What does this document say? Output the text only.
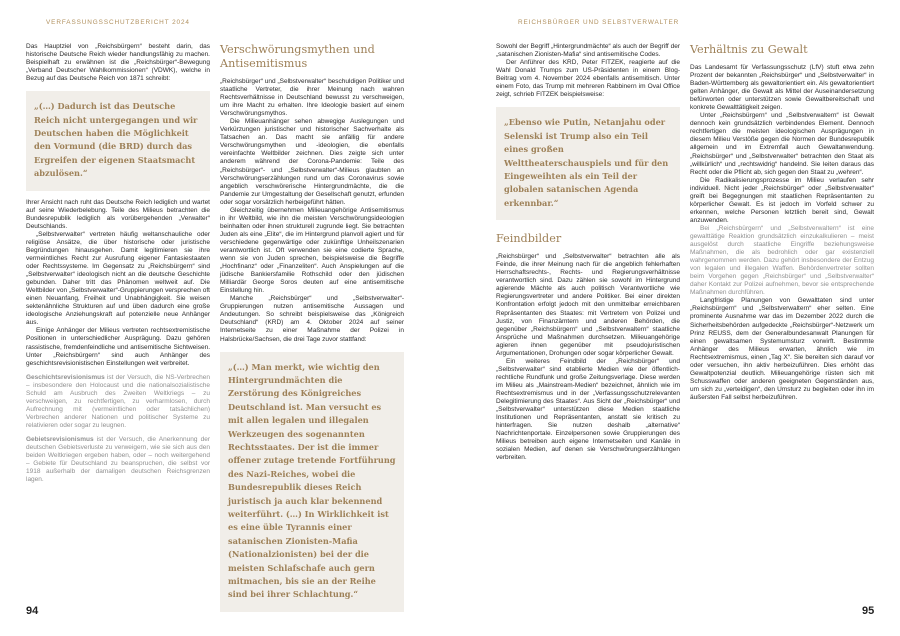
VERFASSUNGSSCHUTZBERICHT 2024

Das Hauptziel von „Reichsbürgern“ besteht darin, das historische Deutsche Reich wieder handlungsfähig zu machen. Beispielhaft zu erwähnen ist die „Reichsbürger“-Bewegung „Verband Deutscher Wahlkommissionen“ (VDWK), welche in Bezug auf das Deutsche Reich von 1871 schreibt:

„(…) Dadurch ist das Deutsche Reich nicht untergegangen und wir Deutschen haben die Möglichkeit den Vormund (die BRD) durch das Ergreifen der eigenen Staatsmacht abzulösen.“

Ihrer Ansicht nach ruht das Deutsche Reich lediglich und wartet auf seine Wiederbelebung. Teile des Milieus betrachten die Bundesrepublik lediglich als vorübergehenden „Verwalter“ Deutschlands.

„Selbstverwalter“ vertreten häufig weltanschauliche oder religiöse Ansätze, die über historische oder juristische Begründungen hinausgehen. Damit legitimieren sie ihre vermeintliches Recht zur Ausrufung eigener Fantasiestaaten oder Rechtssysteme. Im Gegensatz zu „Reichsbürgern“ sind „Selbstverwalter“ ideologisch nicht an die deutsche Geschichte gebunden. Daher tritt das Phänomen weltweit auf. Die Weltbilder von „Selbstverwalter“-Gruppierungen versprechen oft einen Neuanfang, Freiheit und Unabhängigkeit. Sie weisen sektenähnliche Strukturen auf und üben dadurch eine große ideologische Anziehungskraft auf potenzielle neue Anhänger aus.

Einige Anhänger der Milieus vertreten rechtsextremistische Positionen in unterschiedlicher Ausprägung. Dazu gehören rassistische, fremdenfeindliche und antisemitische Sichtweisen. Unter „Reichsbürgern“ sind auch Anhänger des geschichtsrevisionistischen Einstellungen weit verbreitet.

Geschichtsrevisionismus ist der Versuch, die NS-Verbrechen – insbesondere den Holocaust und die nationalsozialistische Schuld am Ausbruch des Zweiten Weltkriegs – zu verschweigen, zu rechtfertigen, zu verharmlosen, durch Aufrechnung mit (vermeintlichen oder tatsächlichen) Verbrechen anderer Nationen und politischer Systeme zu relativieren oder sogar zu leugnen.

Gebietsrevisionismus ist der Versuch, die Anerkennung der deutschen Gebietsverluste zu verweigern, wie sie sich aus den beiden Weltkriegen ergeben haben, oder – noch weitergehend – Gebiete für Deutschland zu beanspruchen, die selbst vor 1918 außerhalb der damaligen deutschen Reichsgrenzen lagen.

Verschwörungsmythen und Antisemitismus

„Reichsbürger“ und „Selbstverwalter“ beschuldigen Politiker und staatliche Vertreter, die ihrer Meinung nach wahren Rechtsverhältnisse in Deutschland bewusst zu verschweigen, um ihre Macht zu erhalten. Ihre Ideologie basiert auf einem Verschwörungsmythos.

Die Milieuanhänger sehen abwegige Auslegungen und Verkürzungen juristischer und historischer Sachverhalte als Tatsachen an. Das macht sie anfällig für andere Verschwörungsmythen und -ideologien, die ebenfalls vereinfachte Weltbilder zeichnen. Dies zeigte sich unter anderem während der Corona-Pandemie: Teile des „Reichsbürger“- und „Selbstverwalter“-Milieus glaubten an Verschwörungserzählungen rund um das Coronavirus sowie angeblich verschwörerische Hintergrundmächte, die die Pandemie zur Umgestaltung der Gesellschaft genutzt, erfunden oder sogar vorsätzlich herbeigeführt hätten.

Gleichzeitig übernehmen Milieuangehörige Antisemitismus in ihr Weltbild, wie ihn die meisten Verschwörungsideologien beinhalten oder ihnen strukturell zugrunde liegt. Sie betrachten Juden als eine „Elite“, die im Hintergrund planvoll agiert und für verschiedene gegenwärtige oder zukünftige Unheilszenarien verantwortlich ist. Oft verwenden sie eine codierte Sprache, wenn sie von Juden sprechen, beispielsweise die Begriffe „Hochfinanz“ oder „Finanzeliten“. Auch Anspielungen auf die jüdische Bankiersfamilie Rothschild oder den jüdischen Milliardär George Soros deuten auf eine antisemitische Einstellung hin.

Manche „Reichsbürger“ und „Selbstverwalter“-Gruppierungen nutzen antisemitische Aussagen und Andeutungen. So schreibt beispielsweise das „Königreich Deutschland“ (KRD) am 4. Oktober 2024 auf seiner Internetseite zu einer Maßnahme der Polizei in Halsbrücke/Sachsen, die drei Tage zuvor stattfand:

„(…) Man merkt, wie wichtig den Hintergrundmächten die Zerstörung des Königreiches Deutschland ist. Man versucht es mit allen legalen und illegalen Werkzeugen des sogenannten Rechtsstaates. Der ist die immer offener zutage tretende Fortführung des Nazi-Reiches, wobei die Bundesrepublik dieses Reich juristisch ja auch klar bekennend weiterführt. (…) In Wirklichkeit ist es eine üble Tyrannis einer satanischen Zionisten-Mafia (Nationalzionisten) bei der die meisten Schlafschafe auch gern mitmachen, bis sie an der Reihe sind bei ihrer Schlachtung.“

94
REICHSBÜRGER UND SELBSTVERWALTER

Sowohl der Begriff „Hintergrundmächte“ als auch der Begriff der „satanischen Zionisten-Mafia“ sind antisemitische Codes.

Der Anführer des KRD, Peter FITZEK, reagierte auf die Wahl Donald Trumps zum US-Präsidenten in einem Blog-Beitrag vom 4. November 2024 ebenfalls antisemitisch. Unter einem Foto, das Trump mit mehreren Rabbinern im Oval Office zeigt, schrieb FITZEK beispielsweise:

„Ebenso wie Putin, Netanjahu oder Selenski ist Trump also ein Teil eines großen Welttheaterschauspiels und für den Eingeweihten als ein Teil der globalen satanischen Agenda erkennbar.“

Feindbilder

„Reichsbürger“ und „Selbstverwalter“ betrachten alle als Feinde, die ihrer Meinung nach für die angeblich fehlerhaften Herrschaftsrechts-, Rechts- und Regierungsverhältnisse verantwortlich sind. Dazu zählen sie sowohl im Hintergrund agierende Mächte als auch politisch Verantwortliche wie Regierungsvertreter und andere Politiker. Bei einer direkten Konfrontation erfolgt jedoch mit den unmittelbar erreichbaren Repräsentanten des Staates: mit Vertretern von Polizei und Justiz, von Finanzämtern und anderen Behörden, die gegenüber „Reichsbürgern“ und „Selbstverwaltern“ staatliche Ansprüche und Maßnahmen durchsetzen. Milieuangehörige agieren ihnen gegenüber mit pseudojuristischen Argumentationen, Drohungen oder sogar körperlicher Gewalt.

Ein weiteres Feindbild der „Reichsbürger“ und „Selbstverwalter“ sind etablierte Medien wie der öffentlich-rechtliche Rundfunk und große Zeitungsverlage. Diese werden im Milieu als „Mainstream-Medien“ bezeichnet, ähnlich wie im Rechtsextremismus und in der „Verfassungsschutzrelevanten Delegitimierung des Staates“. Aus Sicht der „Reichsbürger“ und „Selbstverwalter“ unterstützen diese Medien staatliche Institutionen und Repräsentanten, anstatt sie kritisch zu hinterfragen. Sie nutzen deshalb „alternative“ Nachrichtenportale. Einzelpersonen sowie Gruppierungen des Milieus betreiben auch eigene Internetseiten und Kanäle in sozialen Medien, auf denen sie Verschwörungserzählungen verbreiten.

Verhältnis zu Gewalt

Das Landesamt für Verfassungsschutz (LfV) stuft etwa zehn Prozent der bekannten „Reichsbürger“ und „Selbstverwalter“ in Baden-Württemberg als gewaltorientiert ein. Als gewaltorientiert gelten Anhänger, die Gewalt als Mittel der Auseinandersetzung befürworten oder unterstützen sowie Gewaltbereitschaft und konkrete Gewalttätigkeit zeigen.

Unter „Reichsbürgern“ und „Selbstverwaltern“ ist Gewalt dennoch kein grundsätzlich verbindendes Element. Dennoch rechtfertigen die meisten ideologischen Ausprägungen in diesem Milieu Verstöße gegen die Normen der Bundesrepublik allgemein und im Extremfall auch Gewaltanwendung. „Reichsbürger“ und „Selbstverwalter“ betrachten den Staat als „willkürlich“ und „rechtswidrig“ handelnd. Sie leiten daraus das Recht oder die Pflicht ab, sich gegen den Staat zu „wehren“.

Die Radikalisierungsprozesse im Milieu verlaufen sehr individuell. Nicht jeder „Reichsbürger“ oder „Selbstverwalter“ greift bei Begegnungen mit staatlichen Repräsentanten zu körperlicher Gewalt. Es ist jedoch im Vorfeld schwer zu erkennen, welche Personen letztlich bereit sind, Gewalt anzuwenden.

Bei „Reichsbürgern“ und „Selbstverwaltern“ ist eine gewalttätige Reaktion grundsätzlich einzukalkulieren – meist ausgelöst durch staatliche Eingriffe beziehungsweise Maßnahmen, die als bedrohlich oder gar existenziell wahrgenommen werden. Dazu gehört insbesondere der Entzug von legalen und illegalen Waffen. Behördenvertreter sollten beim Vorgehen gegen „Reichsbürger“ und „Selbstverwalter“ daher Kontakt zur Polizei aufnehmen, bevor sie entsprechende Maßnahmen durchführen.

Langfristige Planungen von Gewalttaten sind unter „Reichsbürgern“ und „Selbstverwaltern“ eher selten. Eine prominente Ausnahme war das im Dezember 2022 durch die Sicherheitsbehörden aufgedeckte „Reichsbürger“-Netzwerk um Prinz REUSS, dem der Generalbundesanwalt Planungen für einen gewaltsamen Systemumsturz vorwirft. Bestimmte Anhänger des Milieus erwarten, ähnlich wie im Rechtsextremismus, einen „Tag X“. Sie bereiten sich darauf vor oder versuchen, ihn aktiv herbeizuführen. Dies erhöht das Gewaltpotenzial deutlich. Milieuangehörige rüsten sich mit Schusswaffen oder anderen geeigneten Gegenständen aus, um sich zu „verteidigen“, den Umsturz zu begleiten oder ihn im äußersten Fall selbst herbeizuführen.

95
